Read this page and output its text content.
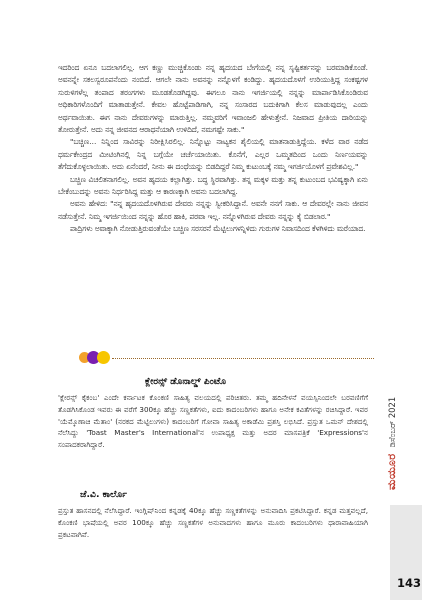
ಇದರಿಂದ ಏನೂ ಬದಲಾಗಲಿಲ್ಲ. ಆಗ ಕಣ್ಣು ಮುಚ್ಚಿಕೊಂಡು ನನ್ನ ಹೃದಯದ ಬೇಗೆಯಲ್ಲಿ ನನ್ನ ಸೃಷ್ಟಿಕರ್ತನನ್ನು ಬರಮಾಡಿಕೊಂಡೆ. ಅವನನ್ನೇ ಸಕಲಸ್ವರೂಪನೆಂದು ನಂಬಿದೆ. ಆಗಲೇ ನಾನು ಅವನನ್ನು ನನ್ನೊಳಗೆ ಕಂಡಿದ್ದು. ಹೃದಯದೊಳಗೆ ಉರಿಯುತ್ತಿದ್ದ ಸಂಕಷ್ಟಗಳ ಸುರುಳಿಗಳೆಲ್ಲ ತಂಪಾದ ತರಂಗಗಳು ಮೂಡತೊಡಗಿದ್ದವು. ಈಗಲೂ ನಾನು ಇಗರ್ಜಿಯಲ್ಲಿ ನನ್ನನ್ನು ಮಾರ್ಪಾಡಿಸಿಕೊಂಡಿರುವ ಅಧಿಕಾರಿಗಳೊಂದಿಗೆ ಮಾತಾಡುತ್ತೇನೆ. ಕೇವಲ ಹೊಟ್ಟೆಪಾಡಿಗಾಗಿ, ನನ್ನ ಸಂಸಾರದ ಬದುಕಿಗಾಗಿ ಕೆಲಸ ಮಾಡುವುದಲ್ಲ ಎಂದು ಅರ್ಥವಾಯಿತು. ಈಗ ನಾನು ದೇವರುಗಳನ್ನು ಮಾರುತ್ತಿಲ್ಲ. ನಮ್ಮವರಿಗೆ ಇವಾಂಜಲಿ ಹೇಳುತ್ತೇನೆ. ನಿಜವಾದ ಪ್ರೀತಿಯ ದಾರಿಯನ್ನು ತೋರುತ್ತೇನೆ. ಅದು ನನ್ನ ಜೀವನದ ಆರಾಧನೆಯಾಗಿ ಉಳಿದಿದೆ, ನಮಗಷ್ಟೇ ಸಾಕು."

"ಬಚ್ಚಿಣ… ನಿನ್ನಿಂದ ಸಾವಿರನ್ನು ನಿರೀಕ್ಷಿಸಿರಲಿಲ್ಲ. ನಿನ್ನೊಟ್ಟು ನಾಟ್ಯಕನ ಶೈಲಿಯಲ್ಲಿ ಮಾತನಾಡುತ್ತಿದ್ದೆಯ. ಕಳೆದ ವಾರ ನಡೆದ ಧರ್ಮಕೇಂದ್ರದ ಮೀಟಿಂಗಿನಲ್ಲಿ ನಿನ್ನ ಬಗ್ಗೆಯೇ ಚರ್ಚೆಯಾಯಿತು. ಕೊನೆಗೆ, ಎಲ್ಲರ ಒಮ್ಮತದಿಂದ ಒಂದು ನಿರ್ಣಯವನ್ನು ತೆಗೆದುಕೊಳ್ಳಲಾಯಿತು. ಅದು ಏನೆಂದರೆ, ನೀನು ಈ ದಂಧೆಯನ್ನು ಬಿಡದಿದ್ದರೆ ನಿಮ್ಮ ಕುಟುಂಬಕ್ಕೆ ನಮ್ಮ ಇಗರ್ಜಿಯೊಳಗೆ ಪ್ರವೇಶವಿಲ್ಲ."

ಬಚ್ಚಿಣ ವಿಚಲಿತನಾಗಲಿಲ್ಲ. ಅವನ ಹೃದಯ ಕಲ್ಲಾಗಿತ್ತು. ಬದ್ಧ ಸ್ಥಿರವಾಗಿತ್ತು. ತನ್ನ ಮಕ್ಕಳ ಮತ್ತು ತನ್ನ ಕುಟುಂಬದ ಭವಿಷ್ಯಕ್ಕಾಗಿ ಏನು ಬೇಕೆಂಬುದನ್ನು ಅವನು ನಿರ್ಧರಿಸಿದ್ದ ಮತ್ತು ಆ ಕಾರಣಕ್ಕಾಗಿ ಅವನು ಬದಲಾಗಿದ್ದ.

ಅವನು ಹೇಳಿದ: "ನನ್ನ ಹೃದಯದೊಳಗಿರುವ ದೇವರು ನನ್ನನ್ನು ಸ್ವೀಕರಿಸಿದ್ದಾನೆ. ಅವನೇ ನನಗೆ ಸಾಕು. ಆ ದೇವರಲ್ಲೇ ನಾನು ಜೀವನ ನಡೆಸುತ್ತೇನೆ. ನಿಮ್ಮ ಇಗರ್ಜಿಯಿಂದ ನನ್ನನ್ನು ಹೊರ ಹಾಕಿ, ಪರವಾ ಇಲ್ಲ. ನನ್ನೊಳಗಿರುವ ದೇವರು ನನ್ನನ್ನು ಕೈ ಬಿಡಲಾರ."

ಪಾದ್ರಿಗಳು ಅವಾಕ್ಕಾಗಿ ನೋಡುತ್ತಿರುವಂತೆಯೇ ಬಚ್ಚಿಣ ಸರಸರನೆ ಮೆಟ್ಟಿಲುಗಳನ್ನಿಳಿದು ಗುರುಗಳ ನಿವಾಸದಿಂದ ಕೆಳಗಿಳಿದು ಮರೆಯಾದ.

ಕ್ಲೇರನ್ಸ್ ಡೊನಾಲ್ಡ್ ಪಿಂಟೊ

'ಕ್ಲೇರನ್ಸ್ ಕೈಕಂಬ' ಎಂದೇ ಕರ್ನಾಟಕ ಕೊಂಕಣಿ ಸಾಹಿತ್ಯ ವಲಯದಲ್ಲಿ ಪರಿಚಿತರು. ತಮ್ಮ ಹದಿನೇಳನೆ ವಯಸ್ಸಿನಿಂದಲೇ ಬರವಣಿಗೆಗೆ ತೊಡಗಿಸಿಕೊಂಡ ಇವರು ಈ ವರೆಗೆ 300ಕ್ಕೂ ಹೆಚ್ಚು ಸಣ್ಣಕತೆಗಳು, ಐದು ಕಾದಂಬರಿಗಳು ಹಾಗೂ ಅನೇಕ ಕವಿತೆಗಳನ್ನು ರಚಿಸಿದ್ದಾರೆ. ಇವರ 'ಯೆಮ್ಕೊಣಾಚಿ ಮೆತಾಂ' (ನರಕದ ಮೆಟ್ಟಿಲುಗಳು) ಕಾದಂಬರಿಗೆ ಗೋವಾ ಸಾಹಿತ್ಯ ಅಕಾಡೆಮಿ ಪ್ರಶಸ್ತಿ ಲಭಿಸಿದೆ. ಪ್ರಸ್ತುತ ಒಮನ್ ದೇಶದಲ್ಲಿ ನೆಲೆಸಿದ್ದು 'Toast Master's International'ನ ಉಪಾಧ್ಯಕ್ಷ ಮತ್ತು ಅದರ ಮಾಸಪತ್ರಿಕೆ 'Expressions'ನ ಸಂಪಾದಕರಾಗಿದ್ದಾರೆ.

ಜೆ.ವಿ. ಕಾರ್ಲೊ

ಪ್ರಸ್ತುತ ಹಾಸನದಲ್ಲಿ ನೆಲೆಸಿದ್ದಾರೆ. ಇಂಗ್ಲಿಷ್‌ನಿಂದ ಕನ್ನಡಕ್ಕೆ 40ಕ್ಕೂ ಹೆಚ್ಚು ಸಣ್ಣಕತೆಗಳನ್ನು ಅನುವಾದಿಸಿ ಪ್ರಕಟಿಸಿದ್ದಾರೆ. ಕನ್ನಡ ಮತ್ತವಲ್ಲದೆ, ಕೊಂಕಣಿ ಭಾಷೆಯಲ್ಲಿ ಅವರ 100ಕ್ಕೂ ಹೆಚ್ಚು ಸಣ್ಣಕತೆಗಳ ಅನುವಾದಗಳು ಹಾಗೂ ಮೂರು ಕಾದಂಬರಿಗಳು ಧಾರಾವಾಹಿಯಾಗಿ ಪ್ರಕಟವಾಗಿವೆ.

ಮಯೂರ
ಡಿಸೆಂಬರ್ 2021
143
